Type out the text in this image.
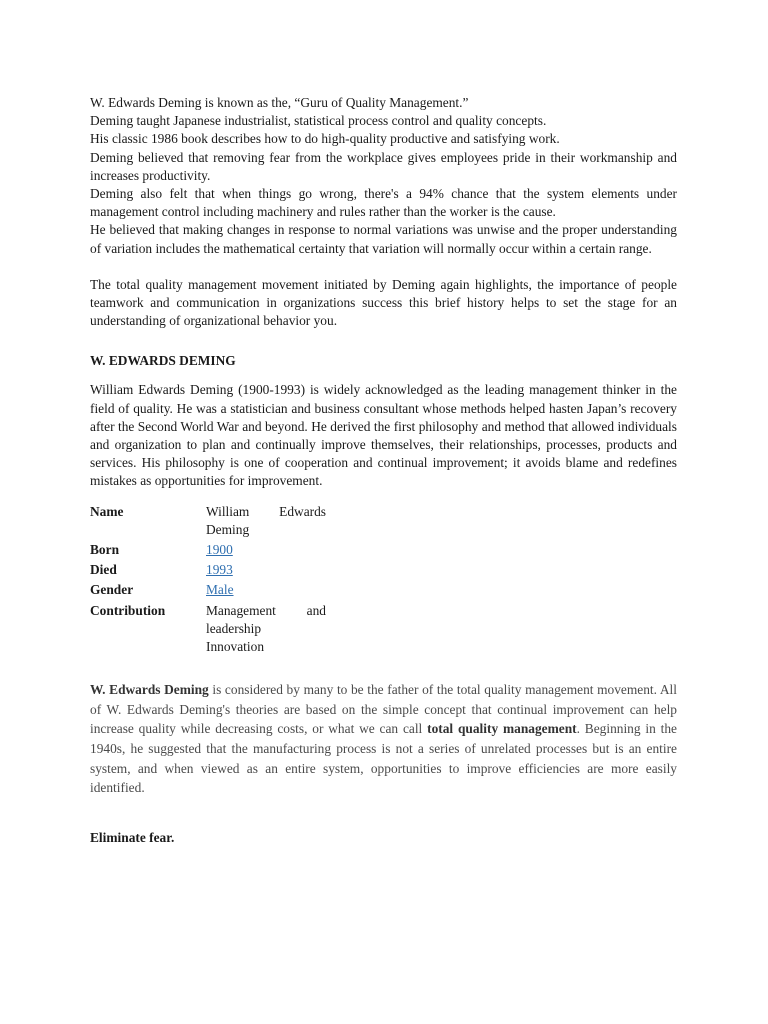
W. Edwards Deming is known as the, “Guru of Quality Management.”

Deming taught Japanese industrialist, statistical process control and quality concepts.

His classic 1986 book describes how to do high-quality productive and satisfying work.

Deming believed that removing fear from the workplace gives employees pride in their workmanship and increases productivity.

Deming also felt that when things go wrong, there's a 94% chance that the system elements under management control including machinery and rules rather than the worker is the cause.

He believed that making changes in response to normal variations was unwise and the proper understanding of variation includes the mathematical certainty that variation will normally occur within a certain range.

The total quality management movement initiated by Deming again highlights, the importance of people teamwork and communication in organizations success this brief history helps to set the stage for an understanding of organizational behavior you.

W. EDWARDS DEMING

William Edwards Deming (1900-1993) is widely acknowledged as the leading management thinker in the field of quality. He was a statistician and business consultant whose methods helped hasten Japan’s recovery after the Second World War and beyond. He derived the first philosophy and method that allowed individuals and organization to plan and continually improve themselves, their relationships, processes, products and services. His philosophy is one of cooperation and continual improvement; it avoids blame and redefines mistakes as opportunities for improvement.

Name	William Edwards
Deming
Born	1900
Died	1993
Gender	Male
Contribution	Management and
leadership
Innovation

W. Edwards Deming is considered by many to be the father of the total quality management movement. All of W. Edwards Deming's theories are based on the simple concept that continual improvement can help increase quality while decreasing costs, or what we can call total quality management. Beginning in the 1940s, he suggested that the manufacturing process is not a series of unrelated processes but is an entire system, and when viewed as an entire system, opportunities to improve efficiencies are more easily identified.

Eliminate fear.
